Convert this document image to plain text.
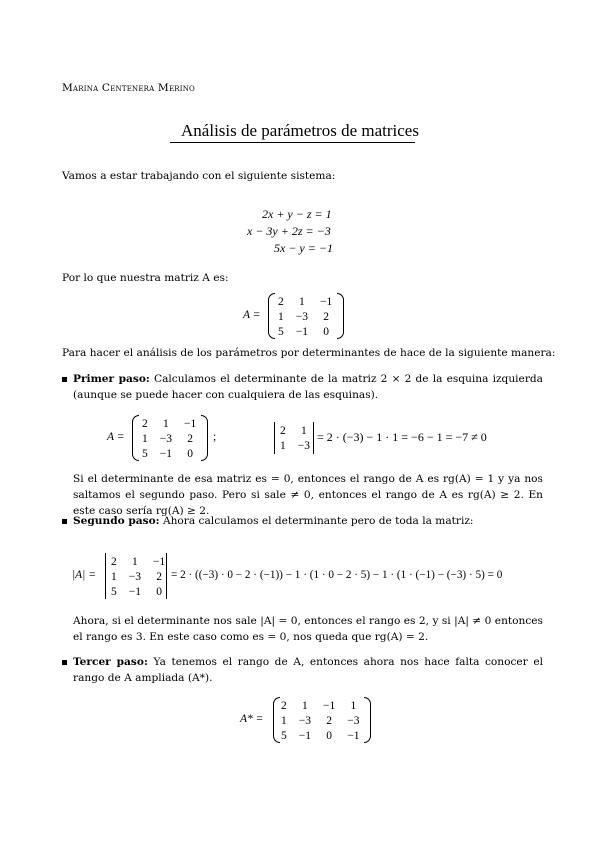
Marina Centenera Merino
Análisis de parámetros de matrices
Vamos a estar trabajando con el siguiente sistema:
2x + y − z = 1
x − 3y + 2z = −3
5x − y = −1
Por lo que nuestra matriz A es:
A =
2	1	−1
1	−3	2
5	−1	0
Para hacer el análisis de los parámetros por determinantes de hace de la siguiente manera:
Primer paso: Calculamos el determinante de la matriz 2 × 2 de la esquina izquierda (aunque se puede hacer con cualquiera de las esquinas).
A =
2	1	−1
1	−3	2
5	−1	0
;
2	1
1	−3
= 2 · (−3) − 1 · 1 = −6 − 1 = −7 ≠ 0
Si el determinante de esa matriz es = 0, entonces el rango de A es rg(A) = 1 y ya nos saltamos el segundo paso. Pero si sale ≠ 0, entonces el rango de A es rg(A) ≥ 2. En este caso sería rg(A) ≥ 2.
Segundo paso: Ahora calculamos el determinante pero de toda la matriz:
|A| =
2	1	−1
1	−3	2
5	−1	0
= 2 · ((−3) · 0 − 2 · (−1)) − 1 · (1 · 0 − 2 · 5) − 1 · (1 · (−1) − (−3) · 5) = 0
Ahora, si el determinante nos sale |A| = 0, entonces el rango es 2, y si |A| ≠ 0 entonces el rango es 3. En este caso como es = 0, nos queda que rg(A) = 2.
Tercer paso: Ya tenemos el rango de A, entonces ahora nos hace falta conocer el rango de A ampliada (A*).
A* =
2	1	−1	1
1	−3	2	−3
5	−1	0	−1
